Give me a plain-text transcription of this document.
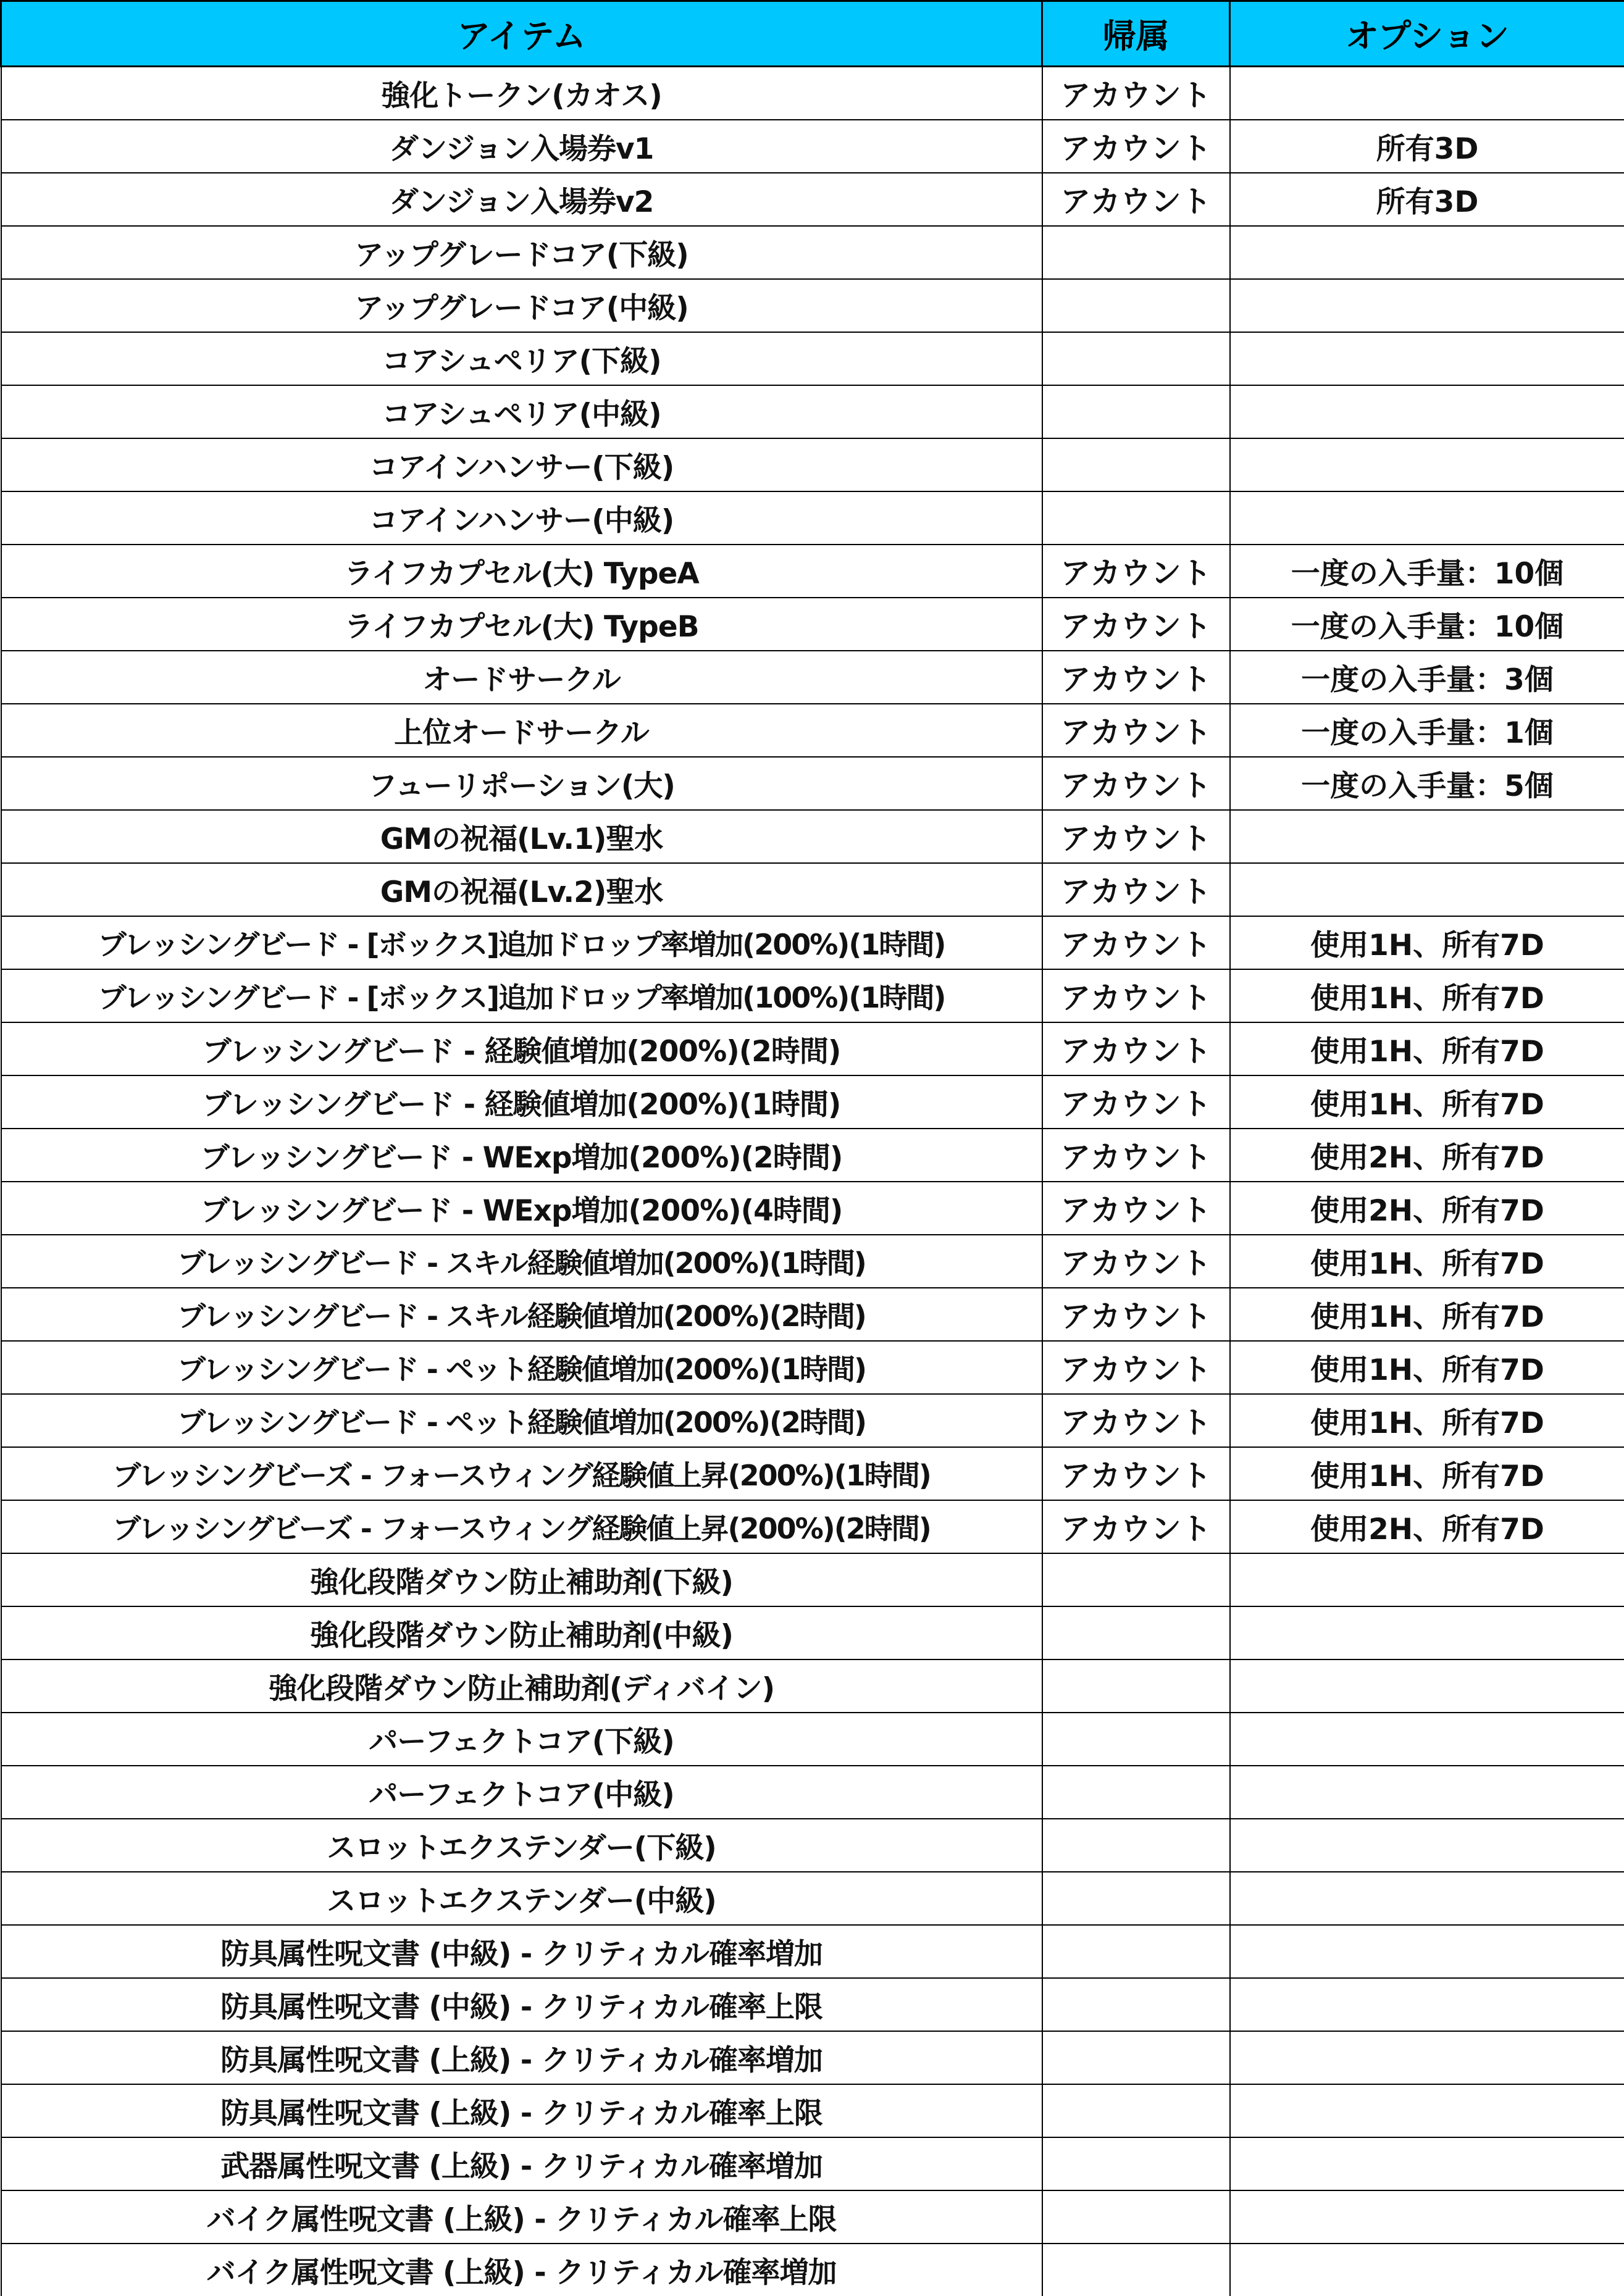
アイテム	帰属	オプション
強化トークン(カオス)	アカウント	
ダンジョン入場券v1	アカウント	所有3D
ダンジョン入場券v2	アカウント	所有3D
アップグレードコア(下級)		
アップグレードコア(中級)		
コアシュペリア(下級)		
コアシュペリア(中級)		
コアインハンサー(下級)		
コアインハンサー(中級)		
ライフカプセル(大) TypeA	アカウント	一度の入手量：10個
ライフカプセル(大) TypeB	アカウント	一度の入手量：10個
オードサークル	アカウント	一度の入手量：3個
上位オードサークル	アカウント	一度の入手量：1個
フューリポーション(大)	アカウント	一度の入手量：5個
GMの祝福(Lv.1)聖水	アカウント	
GMの祝福(Lv.2)聖水	アカウント	
ブレッシングビード - [ボックス]追加ドロップ率増加(200%)(1時間)	アカウント	使用1H、所有7D
ブレッシングビード - [ボックス]追加ドロップ率増加(100%)(1時間)	アカウント	使用1H、所有7D
ブレッシングビード - 経験値増加(200%)(2時間)	アカウント	使用1H、所有7D
ブレッシングビード - 経験値増加(200%)(1時間)	アカウント	使用1H、所有7D
ブレッシングビード - WExp増加(200%)(2時間)	アカウント	使用2H、所有7D
ブレッシングビード - WExp増加(200%)(4時間)	アカウント	使用2H、所有7D
ブレッシングビード - スキル経験値増加(200%)(1時間)	アカウント	使用1H、所有7D
ブレッシングビード - スキル経験値増加(200%)(2時間)	アカウント	使用1H、所有7D
ブレッシングビード - ペット経験値増加(200%)(1時間)	アカウント	使用1H、所有7D
ブレッシングビード - ペット経験値増加(200%)(2時間)	アカウント	使用1H、所有7D
ブレッシングビーズ - フォースウィング経験値上昇(200%)(1時間)	アカウント	使用1H、所有7D
ブレッシングビーズ - フォースウィング経験値上昇(200%)(2時間)	アカウント	使用2H、所有7D
強化段階ダウン防止補助剤(下級)		
強化段階ダウン防止補助剤(中級)		
強化段階ダウン防止補助剤(ディバイン)		
パーフェクトコア(下級)		
パーフェクトコア(中級)		
スロットエクステンダー(下級)		
スロットエクステンダー(中級)		
防具属性呪文書 (中級) - クリティカル確率増加		
防具属性呪文書 (中級) - クリティカル確率上限		
防具属性呪文書 (上級) - クリティカル確率増加		
防具属性呪文書 (上級) - クリティカル確率上限		
武器属性呪文書 (上級) - クリティカル確率増加		
バイク属性呪文書 (上級) - クリティカル確率上限		
バイク属性呪文書 (上級) - クリティカル確率増加		
